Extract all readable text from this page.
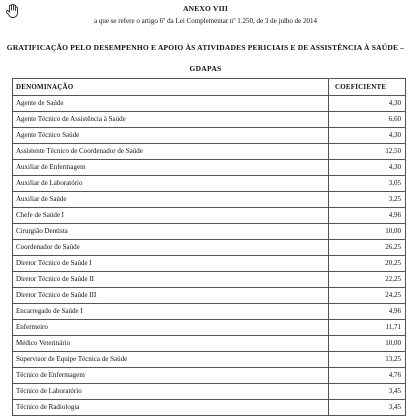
ANEXO VIII
a que se refere o artigo 6º da Lei Complementar nº 1.250, de 3 de julho de 2014
GRATIFICAÇÃO PELO DESEMPENHO E APOIO ÀS ATIVIDADES PERICIAIS E DE ASSISTÊNCIA À SAÚDE –
GDAPAS
DENOMINAÇÃO	COEFICIENTE
Agente de Saúde	4,30
Agente Técnico de Assistência à Saúde	6,60
Agente Técnico Saúde	4,30
Assistente Técnico de Coordenador de Saúde	12,50
Auxiliar de Enfermagem	4,30
Auxiliar de Laboratório	3,05
Auxiliar de Saúde	3,25
Chefe de Saúde I	4,96
Cirurgião Dentista	10,00
Coordenador de Saúde	26,25
Diretor Técnico de Saúde I	20,25
Diretor Técnico de Saúde II	22,25
Diretor Técnico de Saúde III	24,25
Encarregado de Saúde I	4,96
Enfermeiro	11,71
Médico Veterinário	10,00
Supervisor de Equipe Técnica de Saúde	13,25
Técnico de Enfermagem	4,76
Técnico de Laboratório	3,45
Técnico de Radiologia	3,45
